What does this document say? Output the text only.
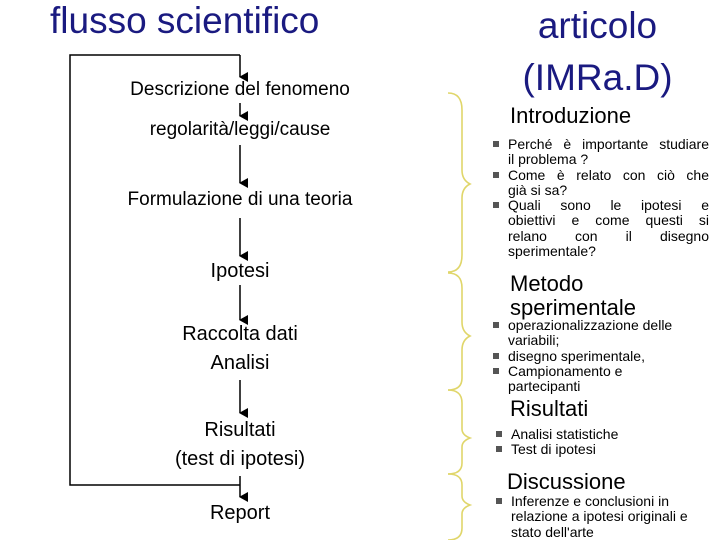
flusso scientifico	articolo
(IMRa.D)
Descrizione del fenomeno
regolarità/leggi/cause
Formulazione di una teoria
Ipotesi
Raccolta dati
Analisi
Risultati
(test di ipotesi)
Report
Introduzione
Perché è importante studiare
il problema ?
Come è relato con ciò che
già si sa?
Quali sono le ipotesi e
obiettivi e come questi si
relano con il disegno
sperimentale?
Metodo
sperimentale
operazionalizzazione delle
variabili;
disegno sperimentale,
Campionamento e
partecipanti
Risultati
Analisi statistiche
Test di ipotesi
Discussione
Inferenze e conclusioni in
relazione a ipotesi originali e
stato dell'arte
